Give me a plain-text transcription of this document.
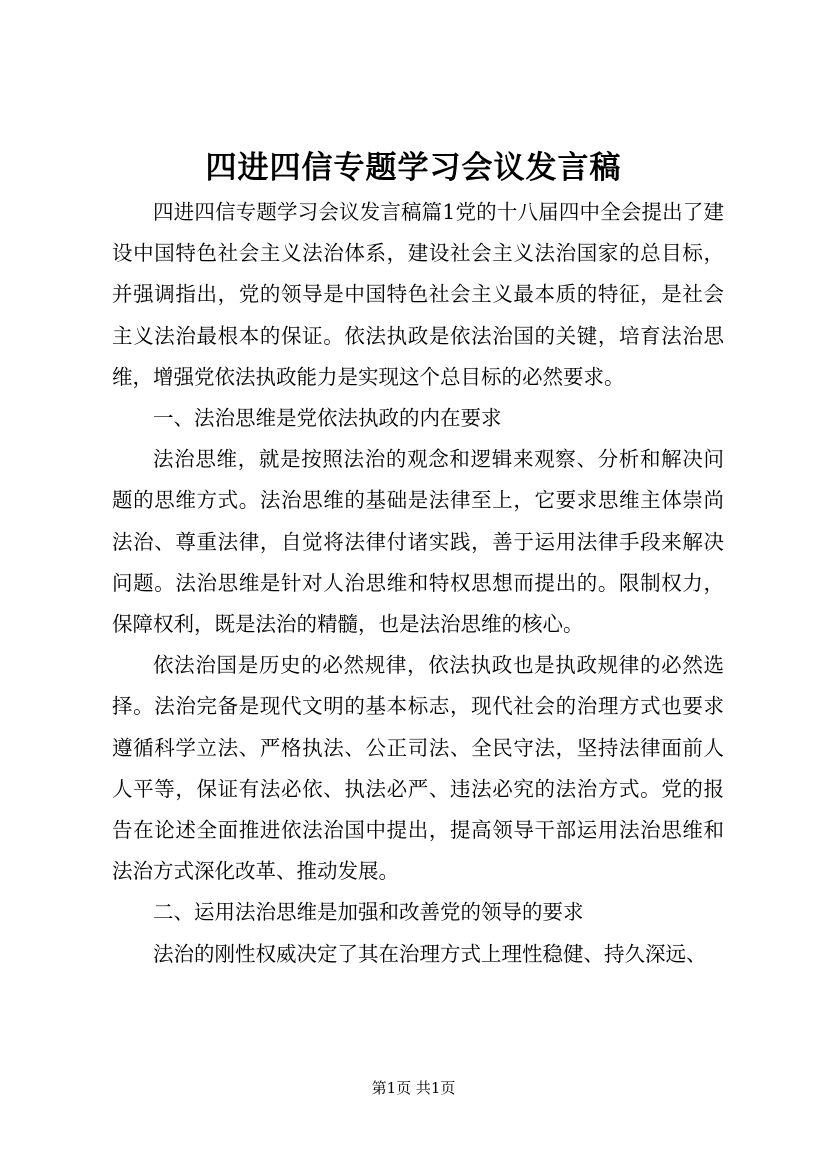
四进四信专题学习会议发言稿

四进四信专题学习会议发言稿篇1党的十八届四中全会提出了建设中国特色社会主义法治体系，建设社会主义法治国家的总目标，并强调指出，党的领导是中国特色社会主义最本质的特征，是社会主义法治最根本的保证。依法执政是依法治国的关键，培育法治思维，增强党依法执政能力是实现这个总目标的必然要求。

一、法治思维是党依法执政的内在要求

法治思维，就是按照法治的观念和逻辑来观察、分析和解决问题的思维方式。法治思维的基础是法律至上，它要求思维主体崇尚法治、尊重法律，自觉将法律付诸实践，善于运用法律手段来解决问题。法治思维是针对人治思维和特权思想而提出的。限制权力，保障权利，既是法治的精髓，也是法治思维的核心。

依法治国是历史的必然规律，依法执政也是执政规律的必然选择。法治完备是现代文明的基本标志，现代社会的治理方式也要求遵循科学立法、严格执法、公正司法、全民守法，坚持法律面前人人平等，保证有法必依、执法必严、违法必究的法治方式。党的报告在论述全面推进依法治国中提出，提高领导干部运用法治思维和法治方式深化改革、推动发展。

二、运用法治思维是加强和改善党的领导的要求

法治的刚性权威决定了其在治理方式上理性稳健、持久深远、

第1页 共1页
